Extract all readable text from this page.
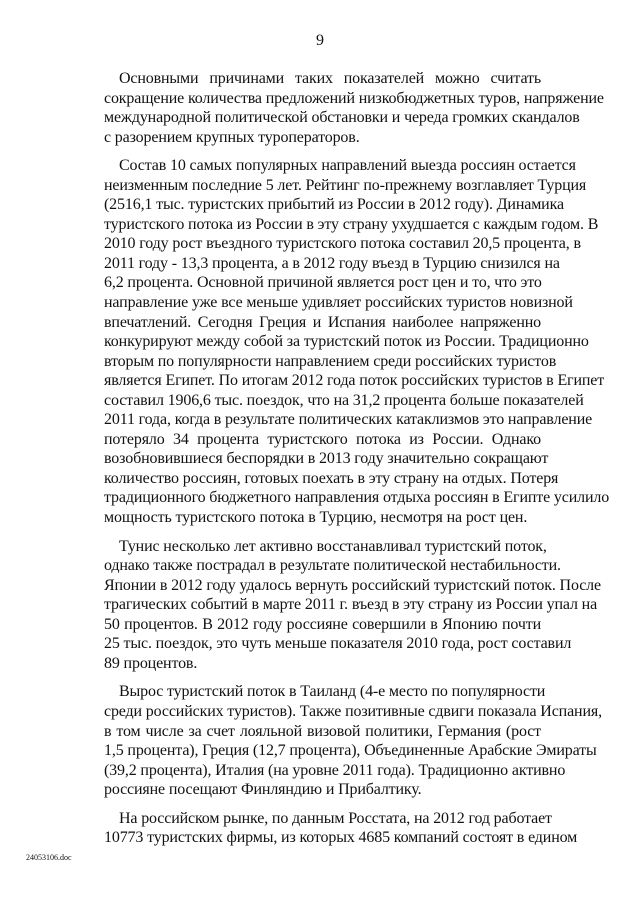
9
Основными причинами таких показателей можно считать
сокращение количества предложений низкобюджетных туров, напряжение
международной политической обстановки и череда громких скандалов
с разорением крупных туроператоров.
Состав 10 самых популярных направлений выезда россиян остается
неизменным последние 5 лет. Рейтинг по-прежнему возглавляет Турция
(2516,1 тыс. туристских прибытий из России в 2012 году). Динамика
туристского потока из России в эту страну ухудшается с каждым годом. В
2010 году рост въездного туристского потока составил 20,5 процента, в
2011 году - 13,3 процента, а в 2012 году въезд в Турцию снизился на
6,2 процента. Основной причиной является рост цен и то, что это
направление уже все меньше удивляет российских туристов новизной
впечатлений. Сегодня Греция и Испания наиболее напряженно
конкурируют между собой за туристский поток из России. Традиционно
вторым по популярности направлением среди российских туристов
является Египет. По итогам 2012 года поток российских туристов в Египет
составил 1906,6 тыс. поездок, что на 31,2 процента больше показателей
2011 года, когда в результате политических катаклизмов это направление
потеряло 34 процента туристского потока из России. Однако
возобновившиеся беспорядки в 2013 году значительно сокращают
количество россиян, готовых поехать в эту страну на отдых. Потеря
традиционного бюджетного направления отдыха россиян в Египте усилило
мощность туристского потока в Турцию, несмотря на рост цен.
Тунис несколько лет активно восстанавливал туристский поток,
однако также пострадал в результате политической нестабильности.
Японии в 2012 году удалось вернуть российский туристский поток. После
трагических событий в марте 2011 г. въезд в эту страну из России упал на
50 процентов. В 2012 году россияне совершили в Японию почти
25 тыс. поездок, это чуть меньше показателя 2010 года, рост составил
89 процентов.
Вырос туристский поток в Таиланд (4-е место по популярности
среди российских туристов). Также позитивные сдвиги показала Испания,
в том числе за счет лояльной визовой политики, Германия (рост
1,5 процента), Греция (12,7 процента), Объединенные Арабские Эмираты
(39,2 процента), Италия (на уровне 2011 года). Традиционно активно
россияне посещают Финляндию и Прибалтику.
На российском рынке, по данным Росстата, на 2012 год работает
10773 туристских фирмы, из которых 4685 компаний состоят в едином
24053106.doc
